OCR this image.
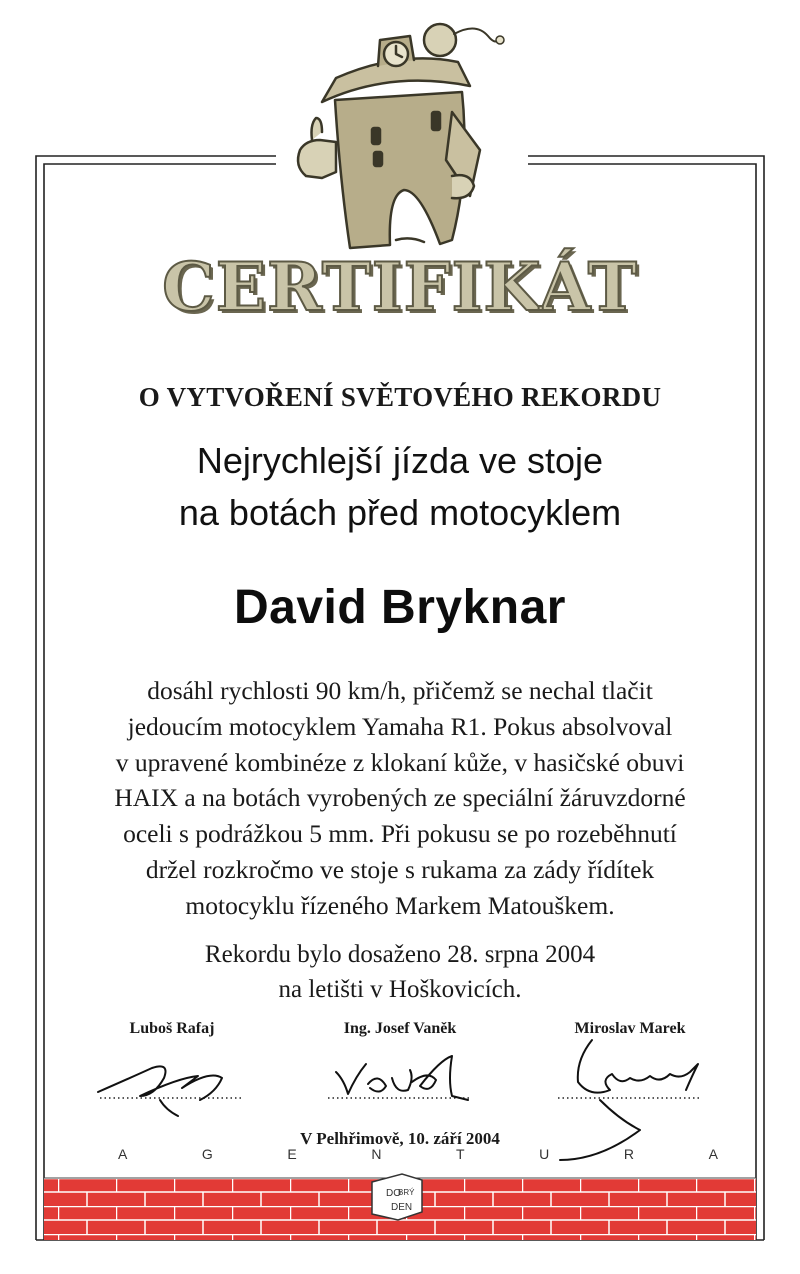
DO
BRÝ
DEN
CERTIFIKÁT
O VYTVOŘENÍ SVĚTOVÉHO REKORDU
Nejrychlejší jízda ve stoje
na botách před motocyklem
David Bryknar
dosáhl rychlosti 90 km/h, přičemž se nechal tlačit
jedoucím motocyklem Yamaha R1. Pokus absolvoval
v upravené kombinéze z klokaní kůže, v hasičské obuvi
HAIX a na botách vyrobených ze speciální žáruvzdorné
oceli s podrážkou 5 mm. Při pokusu se po rozeběhnutí
držel rozkročmo ve stoje s rukama za zády řídítek
motocyklu řízeného Markem Matouškem.
Rekordu bylo dosaženo 28. srpna 2004
na letišti v Hoškovicích.
Luboš Rafaj	Ing. Josef Vaněk	Miroslav Marek
V Pelhřimově, 10. září 2004
A	G	E	N	T	U	R	A
